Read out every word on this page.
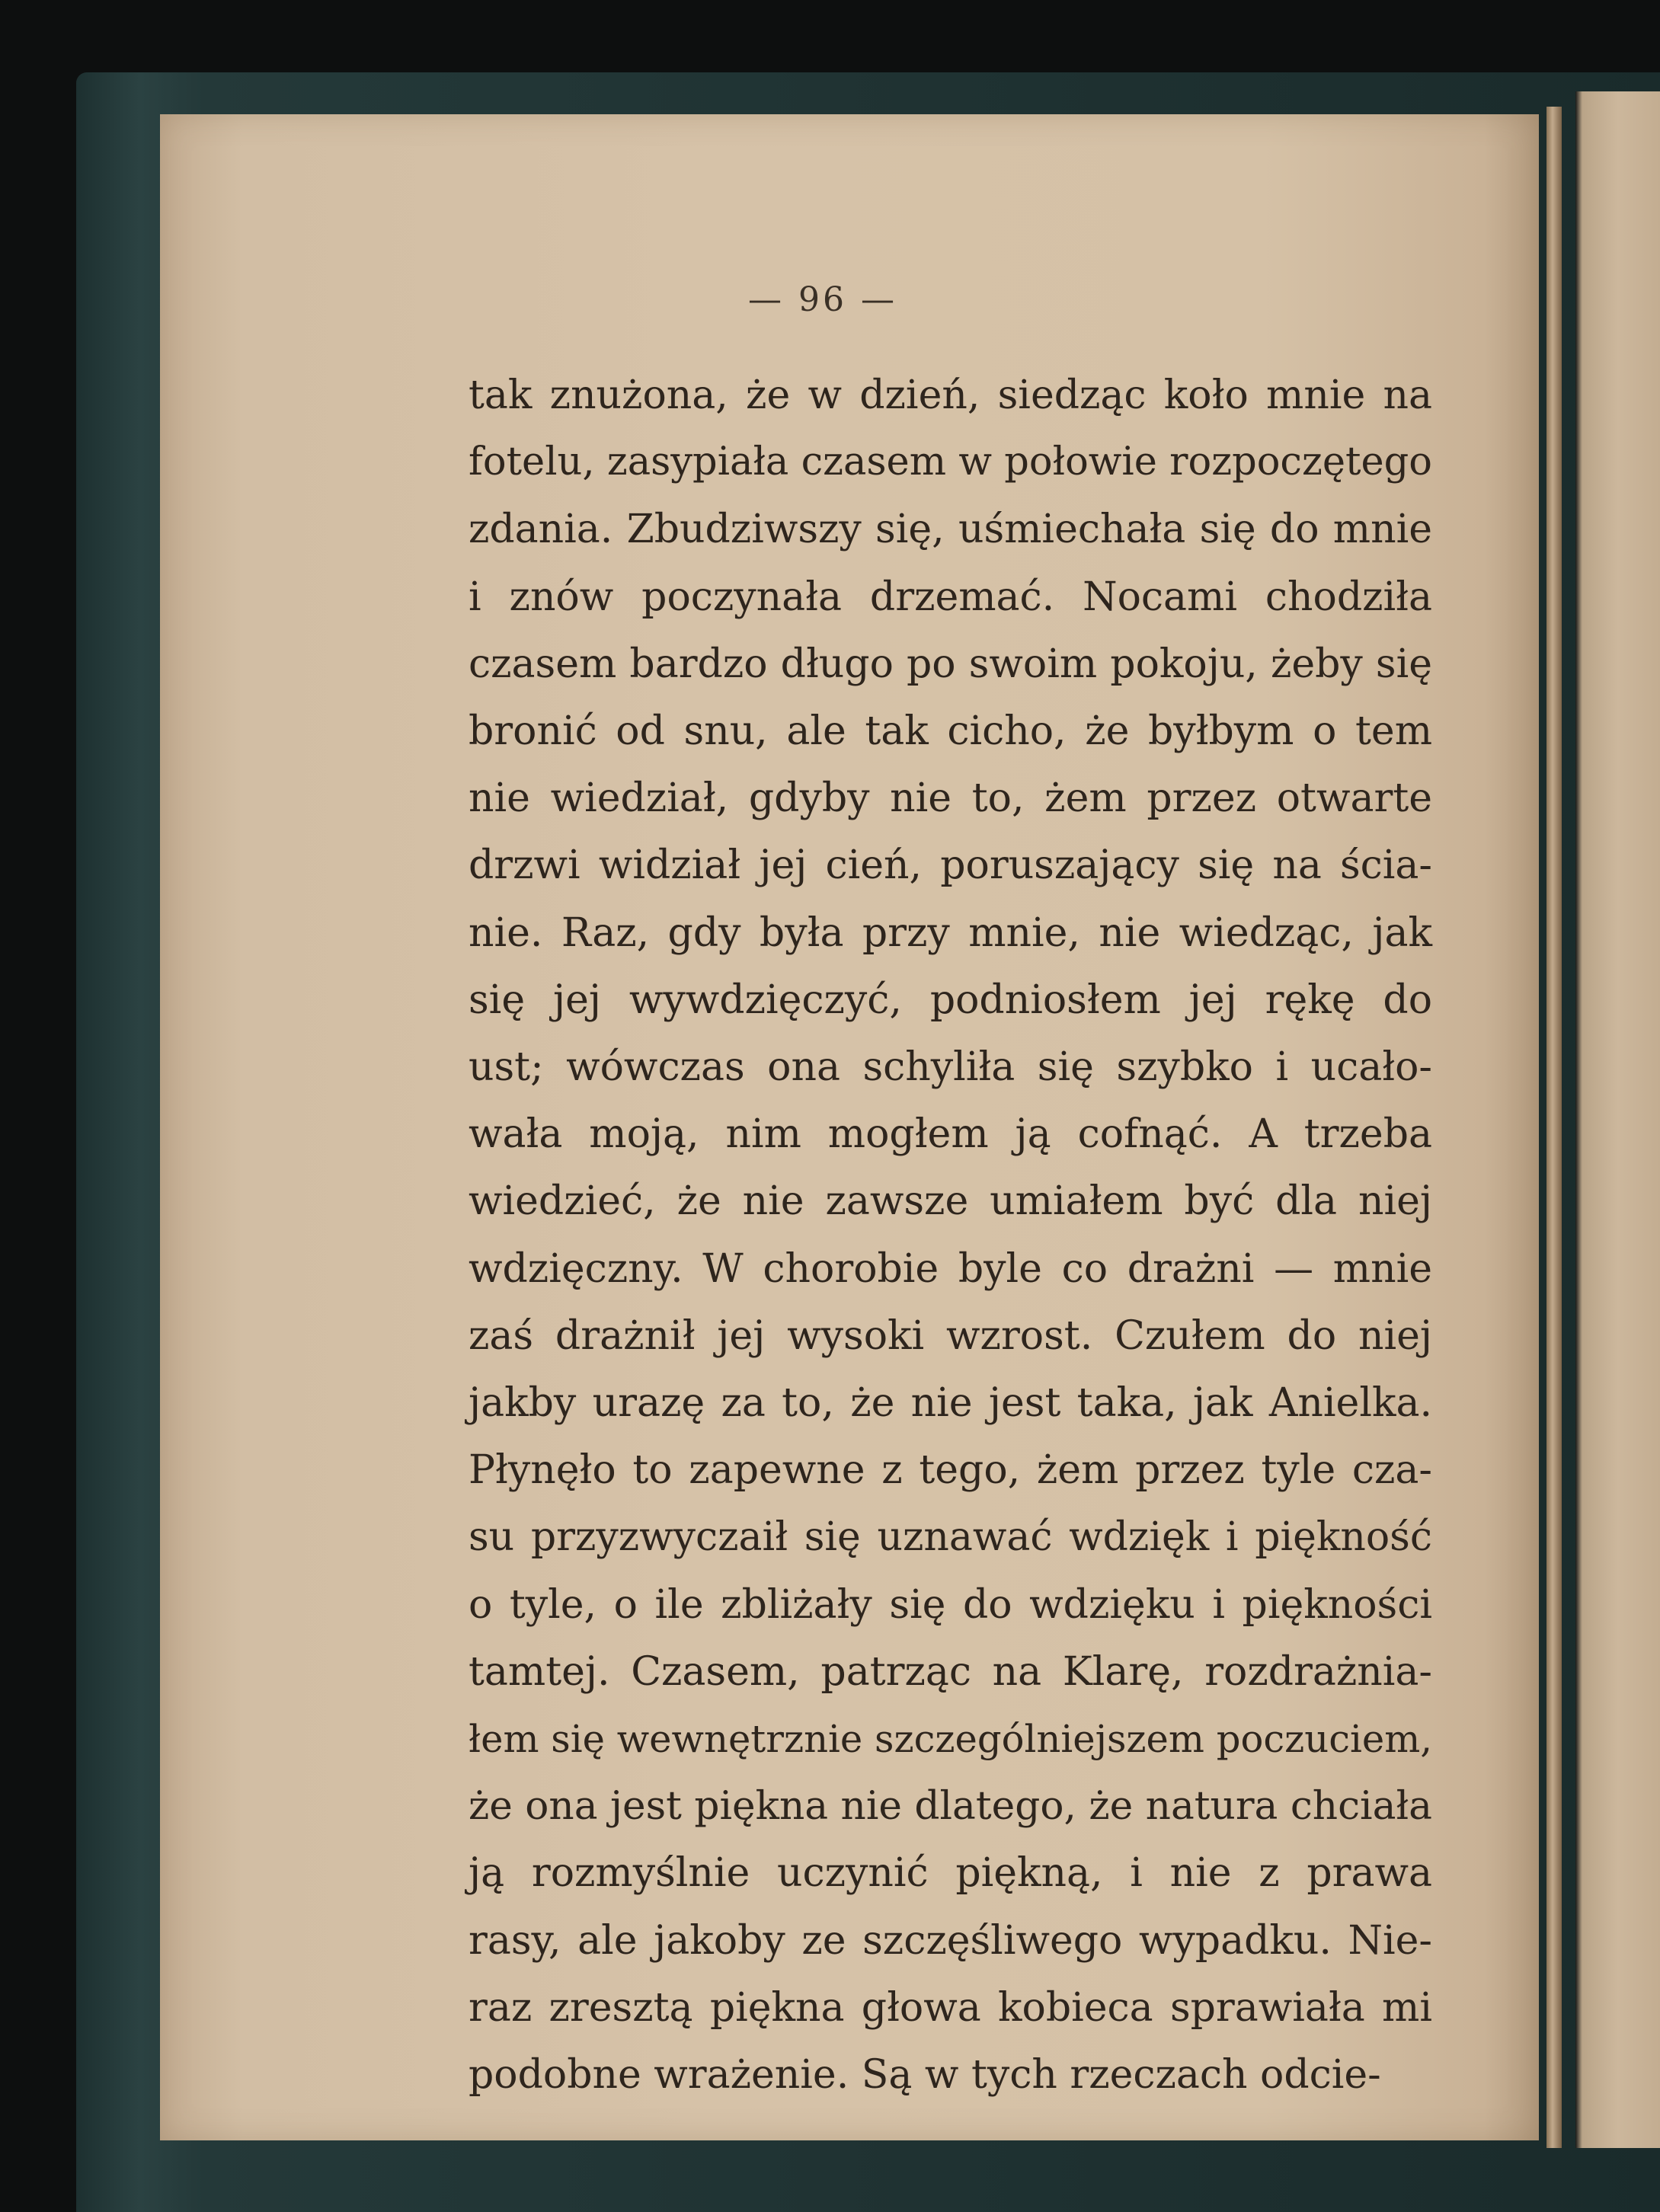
— 96 —
tak znużona, że w dzień, siedząc koło mnie na
fotelu, zasypiała czasem w połowie rozpoczętego
zdania. Zbudziwszy się, uśmiechała się do mnie
i znów poczynała drzemać. Nocami chodziła
czasem bardzo długo po swoim pokoju, żeby się
bronić od snu, ale tak cicho, że byłbym o tem
nie wiedział, gdyby nie to, żem przez otwarte
drzwi widział jej cień, poruszający się na ścia-
nie. Raz, gdy była przy mnie, nie wiedząc, jak
się jej wywdzięczyć, podniosłem jej rękę do
ust; wówczas ona schyliła się szybko i ucało-
wała moją, nim mogłem ją cofnąć. A trzeba
wiedzieć, że nie zawsze umiałem być dla niej
wdzięczny. W chorobie byle co drażni — mnie
zaś drażnił jej wysoki wzrost. Czułem do niej
jakby urazę za to, że nie jest taka, jak Anielka.
Płynęło to zapewne z tego, żem przez tyle cza-
su przyzwyczaił się uznawać wdzięk i piękność
o tyle, o ile zbliżały się do wdzięku i piękności
tamtej. Czasem, patrząc na Klarę, rozdrażnia-
łem się wewnętrznie szczególniejszem poczuciem,
że ona jest piękna nie dlatego, że natura chciała
ją rozmyślnie uczynić piękną, i nie z prawa
rasy, ale jakoby ze szczęśliwego wypadku. Nie-
raz zresztą piękna głowa kobieca sprawiała mi
podobne wrażenie. Są w tych rzeczach odcie-
